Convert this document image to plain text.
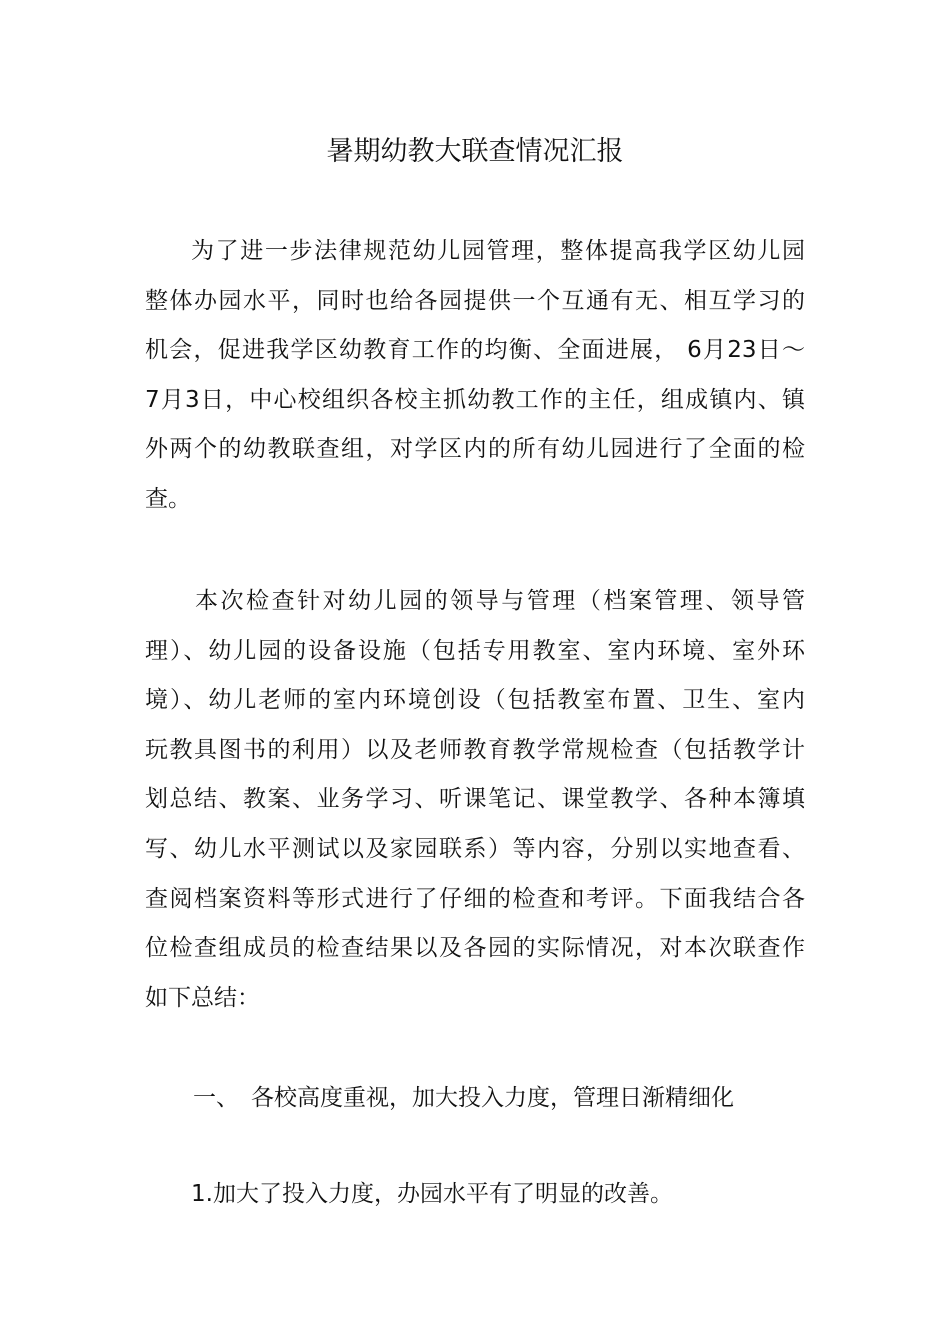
暑期幼教大联查情况汇报
为了进一步法律规范幼儿园管理，整体提高我学区幼儿园
整体办园水平，同时也给各园提供一个互通有无、相互学习的
机会，促进我学区幼教育工作的均衡、全面进展， 6月23日～
7月3日，中心校组织各校主抓幼教工作的主任，组成镇内、镇
外两个的幼教联查组，对学区内的所有幼儿园进行了全面的检
查。
本次检查针对幼儿园的领导与管理（档案管理、领导管
理）、幼儿园的设备设施（包括专用教室、室内环境、室外环
境）、幼儿老师的室内环境创设（包括教室布置、卫生、室内
玩教具图书的利用）以及老师教育教学常规检查（包括教学计
划总结、教案、业务学习、听课笔记、课堂教学、各种本簿填
写、幼儿水平测试以及家园联系）等内容，分别以实地查看、
查阅档案资料等形式进行了仔细的检查和考评。下面我结合各
位检查组成员的检查结果以及各园的实际情况，对本次联查作
如下总结：
一、 各校高度重视，加大投入力度，管理日渐精细化
1.加大了投入力度，办园水平有了明显的改善。
